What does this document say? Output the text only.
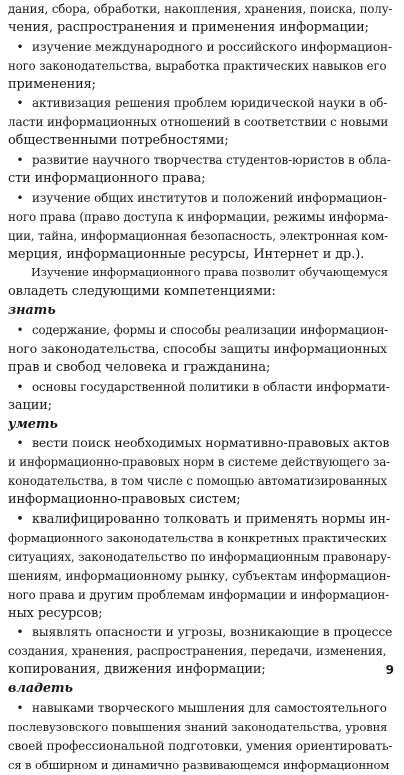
дания, сбора, обработки, накопления, хранения, поиска, полу-
чения, распространения и применения информации;
• изучение международного и российского информацион-
ного законодательства, выработка практических навыков его
применения;
• активизация решения проблем юридической науки в об-
ласти информационных отношений в соответствии с новыми
общественными потребностями;
• развитие научного творчества студентов-юристов в обла-
сти информационного права;
• изучение общих институтов и положений информацион-
ного права (право доступа к информации, режимы информа-
ции, тайна, информационная безопасность, электронная ком-
мерция, информационные ресурсы, Интернет и др.).
Изучение информационного права позволит обучающемуся
овладеть следующими компетенциями:
знать
• содержание, формы и способы реализации информацион-
ного законодательства, способы защиты информационных
прав и свобод человека и гражданина;
• основы государственной политики в области информати-
зации;
уметь
• вести поиск необходимых нормативно-правовых актов
и информационно-правовых норм в системе действующего за-
конодательства, в том числе с помощью автоматизированных
информационно-правовых систем;
• квалифицированно толковать и применять нормы ин-
формационного законодательства в конкретных практических
ситуациях, законодательство по информационным правонару-
шениям, информационному рынку, субъектам информацион-
ного права и другим проблемам информации и информацион-
ных ресурсов;
• выявлять опасности и угрозы, возникающие в процессе
создания, хранения, распространения, передачи, изменения,
копирования, движения информации;
владеть
• навыками творческого мышления для самостоятельного
послевузовского повышения знаний законодательства, уровня
своей профессиональной подготовки, умения ориентировать-
ся в обширном и динамично развивающемся информационном
9
